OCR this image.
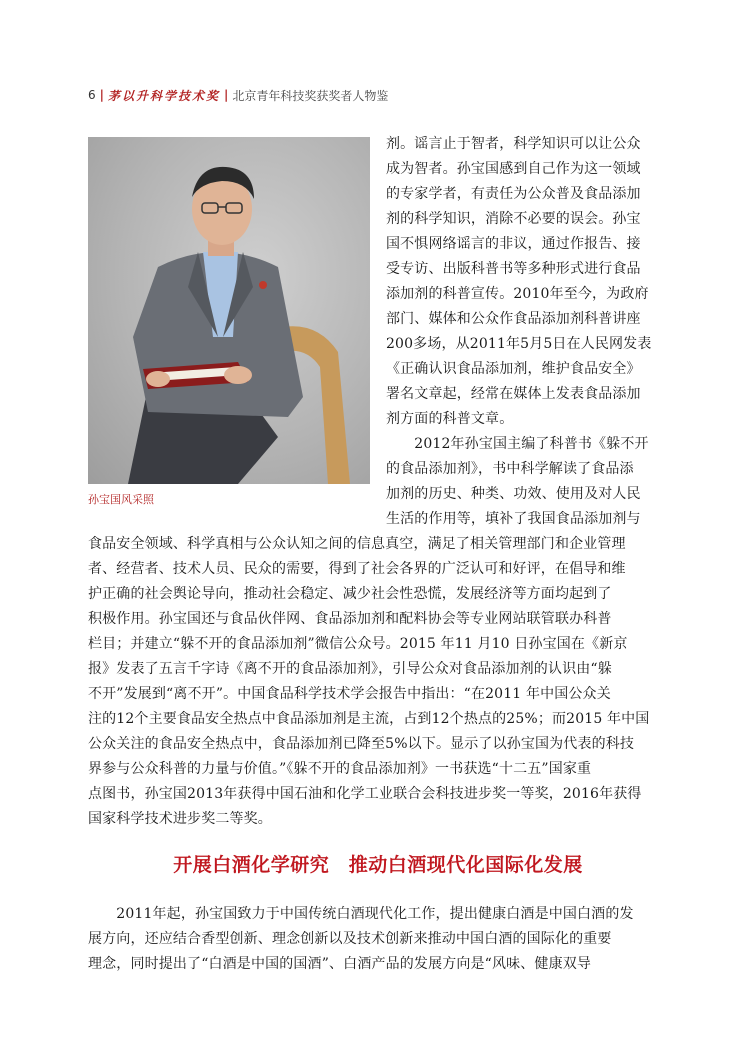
6 | 茅以升科学技术奖 | 北京青年科技奖获奖者人物鉴
孙宝国风采照
剂。谣言止于智者，科学知识可以让公众
成为智者。孙宝国感到自己作为这一领域
的专家学者，有责任为公众普及食品添加
剂的科学知识，消除不必要的误会。孙宝
国不惧网络谣言的非议，通过作报告、接
受专访、出版科普书等多种形式进行食品
添加剂的科普宣传。2010年至今，为政府
部门、媒体和公众作食品添加剂科普讲座
200多场，从2011年5月5日在人民网发表
《正确认识食品添加剂，维护食品安全》
署名文章起，经常在媒体上发表食品添加
剂方面的科普文章。
　　2012年孙宝国主编了科普书《躲不开
的食品添加剂》，书中科学解读了食品添
加剂的历史、种类、功效、使用及对人民
生活的作用等，填补了我国食品添加剂与
食品安全领域、科学真相与公众认知之间的信息真空，满足了相关管理部门和企业管理
者、经营者、技术人员、民众的需要，得到了社会各界的广泛认可和好评，在倡导和维
护正确的社会舆论导向，推动社会稳定、减少社会性恐慌，发展经济等方面均起到了
积极作用。孙宝国还与食品伙伴网、食品添加剂和配料协会等专业网站联管联办科普
栏目；并建立“躲不开的食品添加剂”微信公众号。2015 年11 月10 日孙宝国在《新京
报》发表了五言千字诗《离不开的食品添加剂》，引导公众对食品添加剂的认识由“躲
不开”发展到“离不开”。中国食品科学技术学会报告中指出：“在2011 年中国公众关
注的12个主要食品安全热点中食品添加剂是主流，占到12个热点的25%；而2015 年中国
公众关注的食品安全热点中，食品添加剂已降至5%以下。显示了以孙宝国为代表的科技
界参与公众科普的力量与价值。”《躲不开的食品添加剂》一书获选“十二五”国家重
点图书，孙宝国2013年获得中国石油和化学工业联合会科技进步奖一等奖，2016年获得
国家科学技术进步奖二等奖。
开展白酒化学研究　推动白酒现代化国际化发展
　　2011年起，孙宝国致力于中国传统白酒现代化工作，提出健康白酒是中国白酒的发
展方向，还应结合香型创新、理念创新以及技术创新来推动中国白酒的国际化的重要
理念，同时提出了“白酒是中国的国酒”、白酒产品的发展方向是“风味、健康双导
